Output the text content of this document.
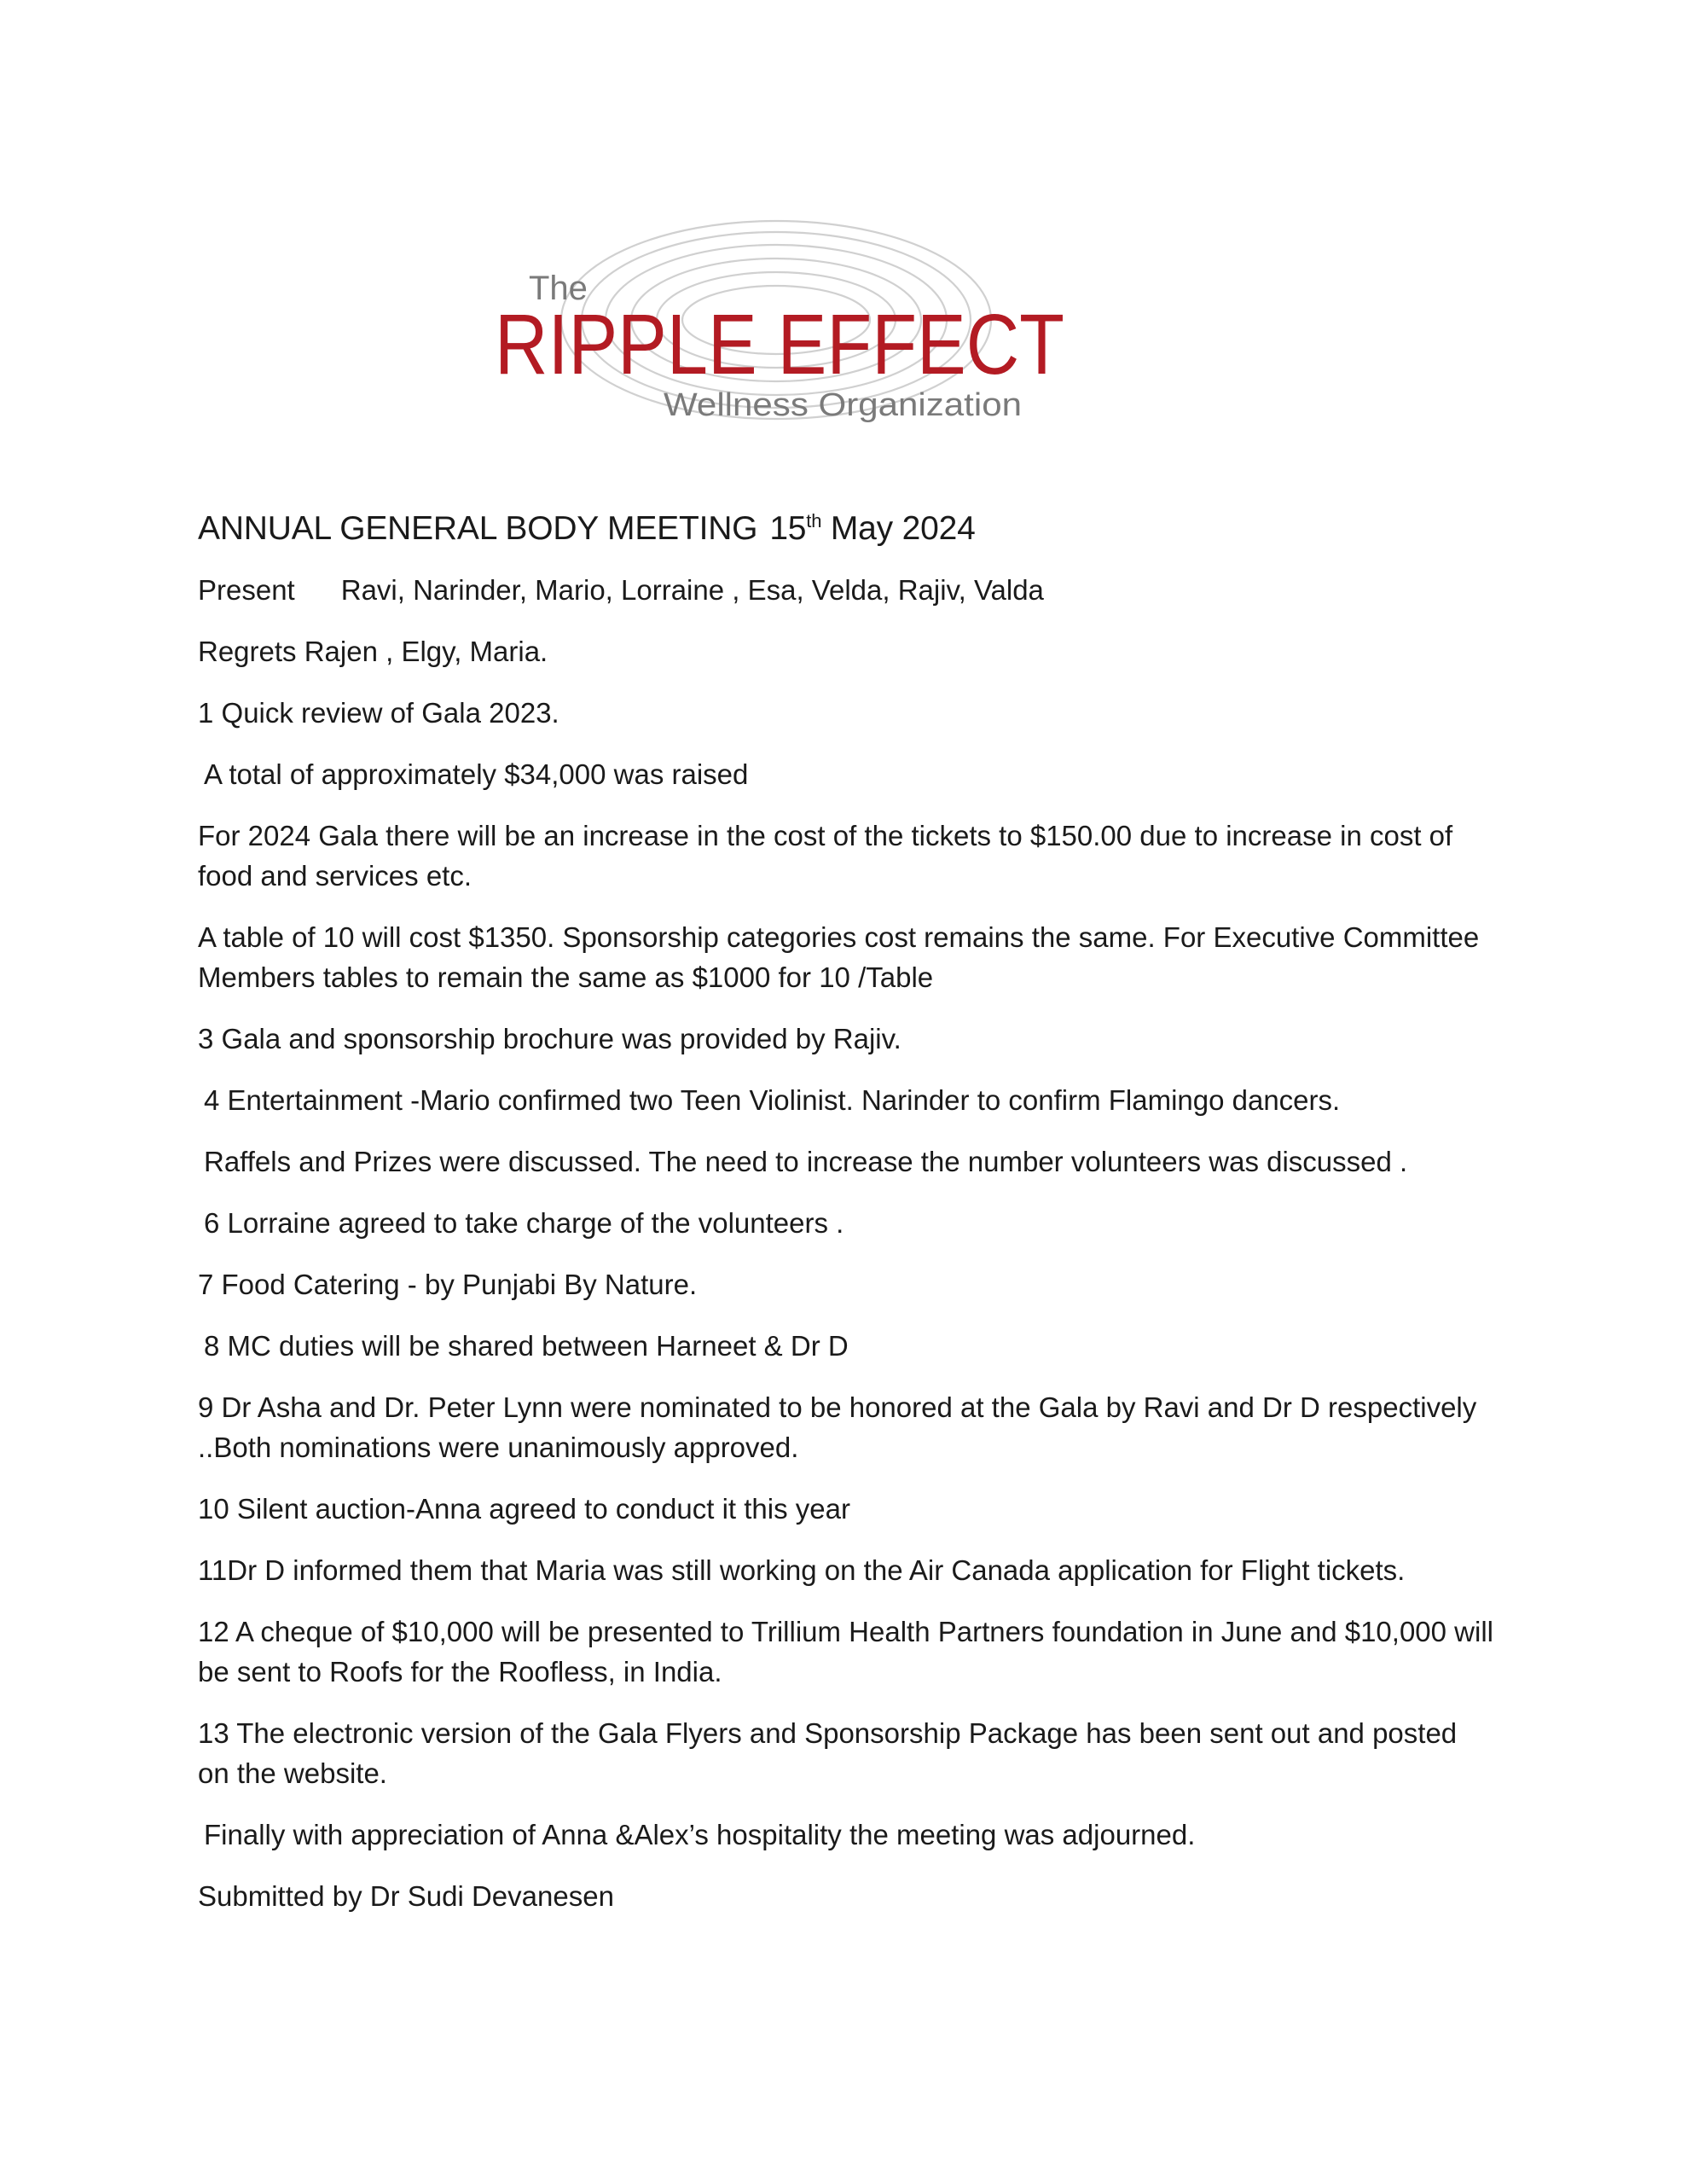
The
RIPPLE EFFECT
Wellness Organization
ANNUAL GENERAL BODY MEETING 15th May 2024

Present Ravi, Narinder, Mario, Lorraine , Esa, Velda, Rajiv, Valda

Regrets Rajen , Elgy, Maria.

1 Quick review of Gala 2023.

A total of approximately $34,000 was raised

For 2024 Gala there will be an increase in the cost of the tickets to $150.00 due to increase in cost of food and services etc.

A table of 10 will cost $1350. Sponsorship categories cost remains the same. For Executive Committee Members tables to remain the same as $1000 for 10 /Table

3 Gala and sponsorship brochure was provided by Rajiv.

4 Entertainment -Mario confirmed two Teen Violinist. Narinder to confirm Flamingo dancers.

Raffels and Prizes were discussed. The need to increase the number volunteers was discussed .

6 Lorraine agreed to take charge of the volunteers .

7 Food Catering - by Punjabi By Nature.

8 MC duties will be shared between Harneet & Dr D

9 Dr Asha and Dr. Peter Lynn were nominated to be honored at the Gala by Ravi and Dr D respectively ..Both nominations were unanimously approved.

10 Silent auction-Anna agreed to conduct it this year

11Dr D informed them that Maria was still working on the Air Canada application for Flight tickets.

12 A cheque of $10,000 will be presented to Trillium Health Partners foundation in June and $10,000 will be sent to Roofs for the Roofless, in India.

13 The electronic version of the Gala Flyers and Sponsorship Package has been sent out and posted on the website.

Finally with appreciation of Anna &Alex’s hospitality the meeting was adjourned.

Submitted by Dr Sudi Devanesen
